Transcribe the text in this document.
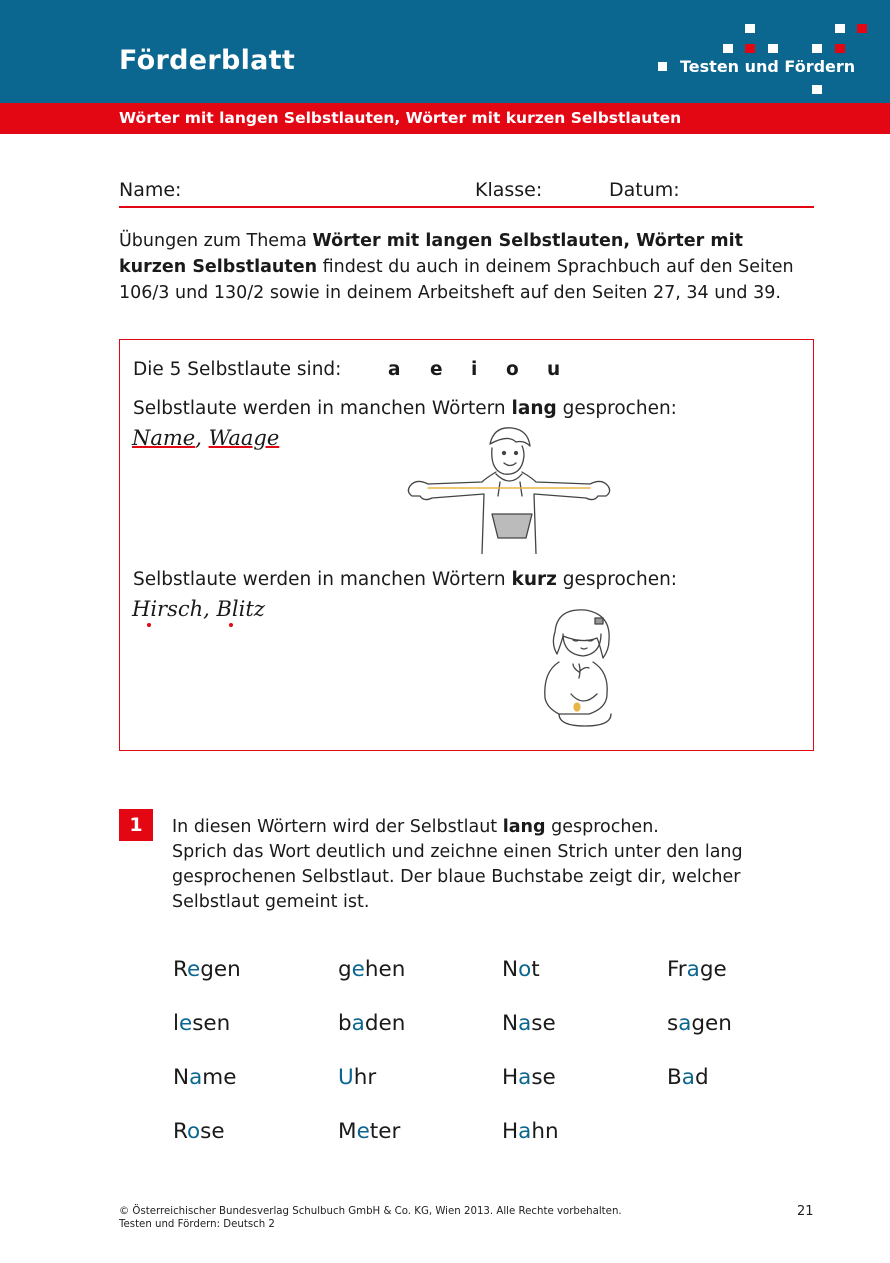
Förderblatt	Testen und Fördern
Wörter mit langen Selbstlauten, Wörter mit kurzen Selbstlauten
Name:	Klasse:	Datum:
Übungen zum Thema Wörter mit langen Selbstlauten, Wörter mit kurzen Selbstlauten findest du auch in deinem Sprachbuch auf den Seiten 106/3 und 130/2 sowie in deinem Arbeitsheft auf den Seiten 27, 34 und 39.
Die 5 Selbstlaute sind:	a e i o u
Selbstlaute werden in manchen Wörtern lang gesprochen:
Name, Waage
Selbstlaute werden in manchen Wörtern kurz gesprochen:
Hirsch, Blitz
1	In diesen Wörtern wird der Selbstlaut lang gesprochen.
Sprich das Wort deutlich und zeichne einen Strich unter den lang gesprochenen Selbstlaut. Der blaue Buchstabe zeigt dir, welcher Selbstlaut gemeint ist.
Regen	gehen	Not	Frage
lesen	baden	Nase	sagen
Name	Uhr	Hase	Bad
Rose	Meter	Hahn
© Österreichischer Bundesverlag Schulbuch GmbH & Co. KG, Wien 2013. Alle Rechte vorbehalten.
Testen und Fördern: Deutsch 2
21
